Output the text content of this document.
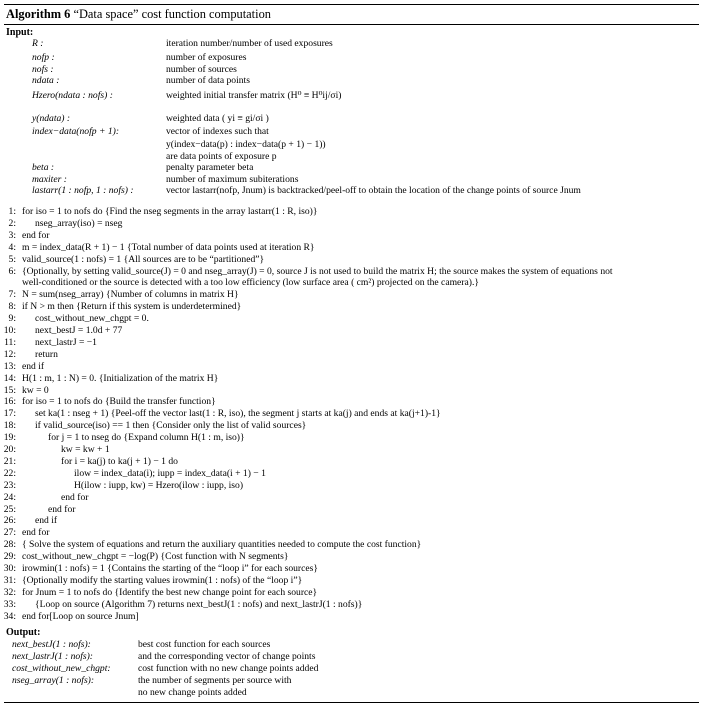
Algorithm 6 “Data space” cost function computation
Input:
R :	iteration number/number of used exposures
nofp :	number of exposures
nofs :	number of sources
ndata :	number of data points
Hzero(ndata : nofs) :	weighted initial transfer matrix (H⁰ ≡ H⁰ij/σi)
y(ndata) :	weighted data ( yi ≡ gi/σi )
index−data(nofp + 1):	vector of indexes such that
y(index−data(p) : index−data(p + 1) − 1))
are data points of exposure p
beta :	penalty parameter beta
maxiter :	number of maximum subiterations
lastarr(1 : nofp, 1 : nofs) :	vector lastarr(nofp, Jnum) is backtracked/peel-off to obtain the location of the change points of source Jnum
1: for iso = 1 to nofs do {Find the nseg segments in the array lastarr(1 : R, iso)}
2: nseg_array(iso) = nseg
3: end for
4: m = index_data(R + 1) − 1 {Total number of data points used at iteration R}
5: valid_source(1 : nofs) = 1 {All sources are to be “partitioned”}
6: {Optionally, by setting valid_source(J) = 0 and nseg_array(J) = 0, source J is not used to build the matrix H; the source makes the system of equations not
well-conditioned or the source is detected with a too low efficiency (low surface area ( cm²) projected on the camera).}
7: N = sum(nseg_array) {Number of columns in matrix H}
8: if N > m then {Return if this system is underdetermined}
9: cost_without_new_chgpt = 0.
10: next_bestJ = 1.0d + 77
11: next_lastrJ = −1
12: return
13: end if
14: H(1 : m, 1 : N) = 0. {Initialization of the matrix H}
15: kw = 0
16: for iso = 1 to nofs do {Build the transfer function}
17: set ka(1 : nseg + 1) {Peel-off the vector last(1 : R, iso), the segment j starts at ka(j) and ends at ka(j+1)-1}
18: if valid_source(iso) == 1 then {Consider only the list of valid sources}
19:	for j = 1 to nseg do {Expand column H(1 : m, iso)}
20:	kw = kw + 1
21:	for i = ka(j) to ka(j + 1) − 1 do
22:	ilow = index_data(i); iupp = index_data(i + 1) − 1
23:	H(ilow : iupp, kw) = Hzero(ilow : iupp, iso)
24:	end for
25:	end for
26: end if
27: end for
28: { Solve the system of equations and return the auxiliary quantities needed to compute the cost function}
29: cost_without_new_chgpt = −log(P) {Cost function with N segments}
30: irowmin(1 : nofs) = 1 {Contains the starting of the “loop i” for each sources}
31: {Optionally modify the starting values irowmin(1 : nofs) of the “loop i”}
32: for Jnum = 1 to nofs do {Identify the best new change point for each source}
33: {Loop on source (Algorithm 7) returns next_bestJ(1 : nofs) and next_lastrJ(1 : nofs)}
34: end for[Loop on source Jnum]
Output:
next_bestJ(1 : nofs):	best cost function for each sources
next_lastrJ(1 : nofs):	and the corresponding vector of change points
cost_without_new_chgpt:	cost function with no new change points added
nseg_array(1 : nofs):	the number of segments per source with
no new change points added
